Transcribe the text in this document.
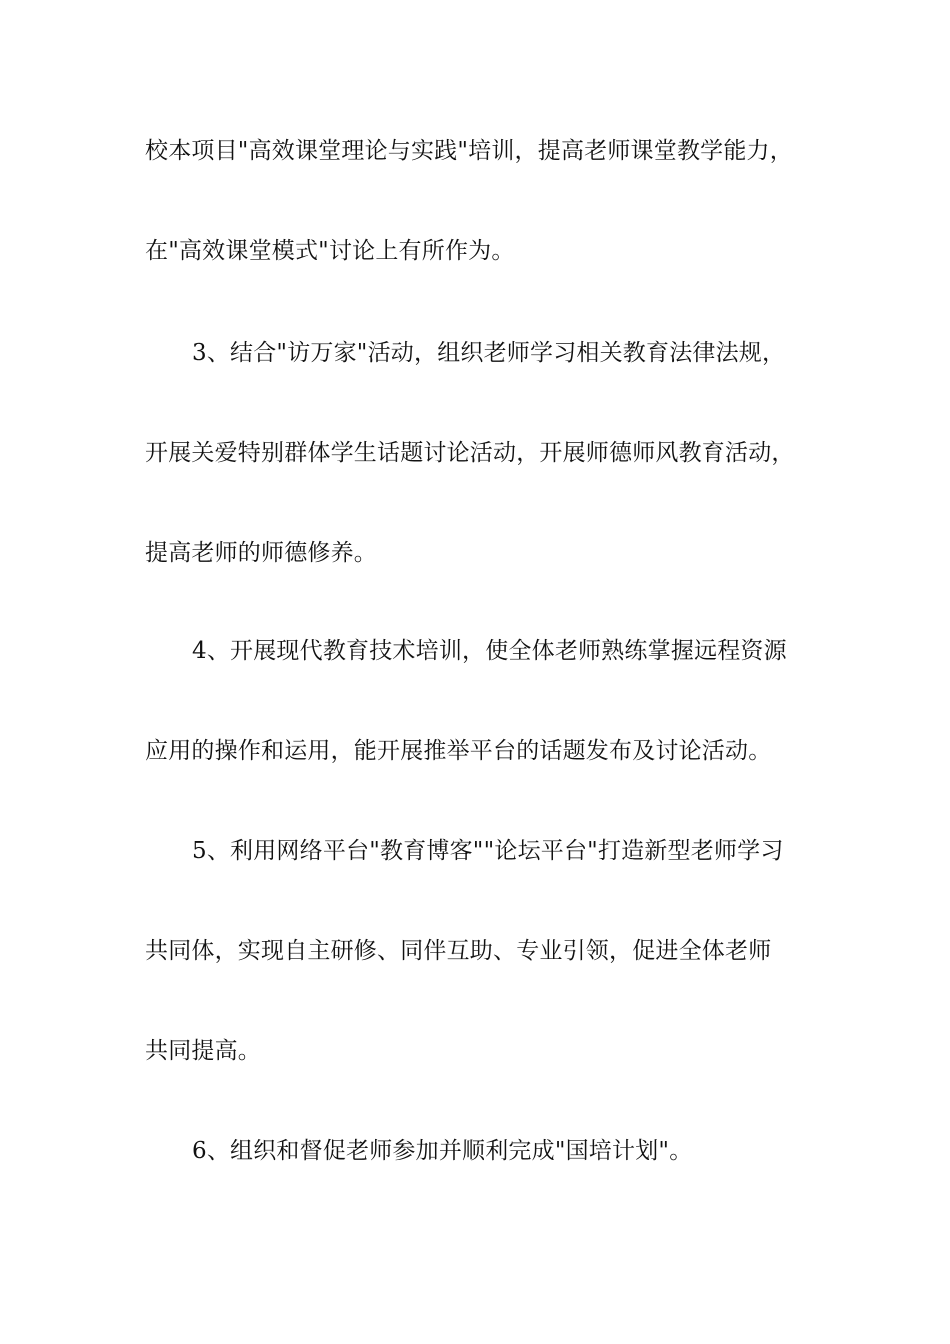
校本项目"高效课堂理论与实践"培训，提高老师课堂教学能力，
在"高效课堂模式"讨论上有所作为。
3、结合"访万家"活动，组织老师学习相关教育法律法规，
开展关爱特别群体学生话题讨论活动，开展师德师风教育活动，
提高老师的师德修养。
4、开展现代教育技术培训，使全体老师熟练掌握远程资源
应用的操作和运用，能开展推举平台的话题发布及讨论活动。
5、利用网络平台"教育博客""论坛平台"打造新型老师学习
共同体，实现自主研修、同伴互助、专业引领，促进全体老师
共同提高。
6、组织和督促老师参加并顺利完成"国培计划"。
